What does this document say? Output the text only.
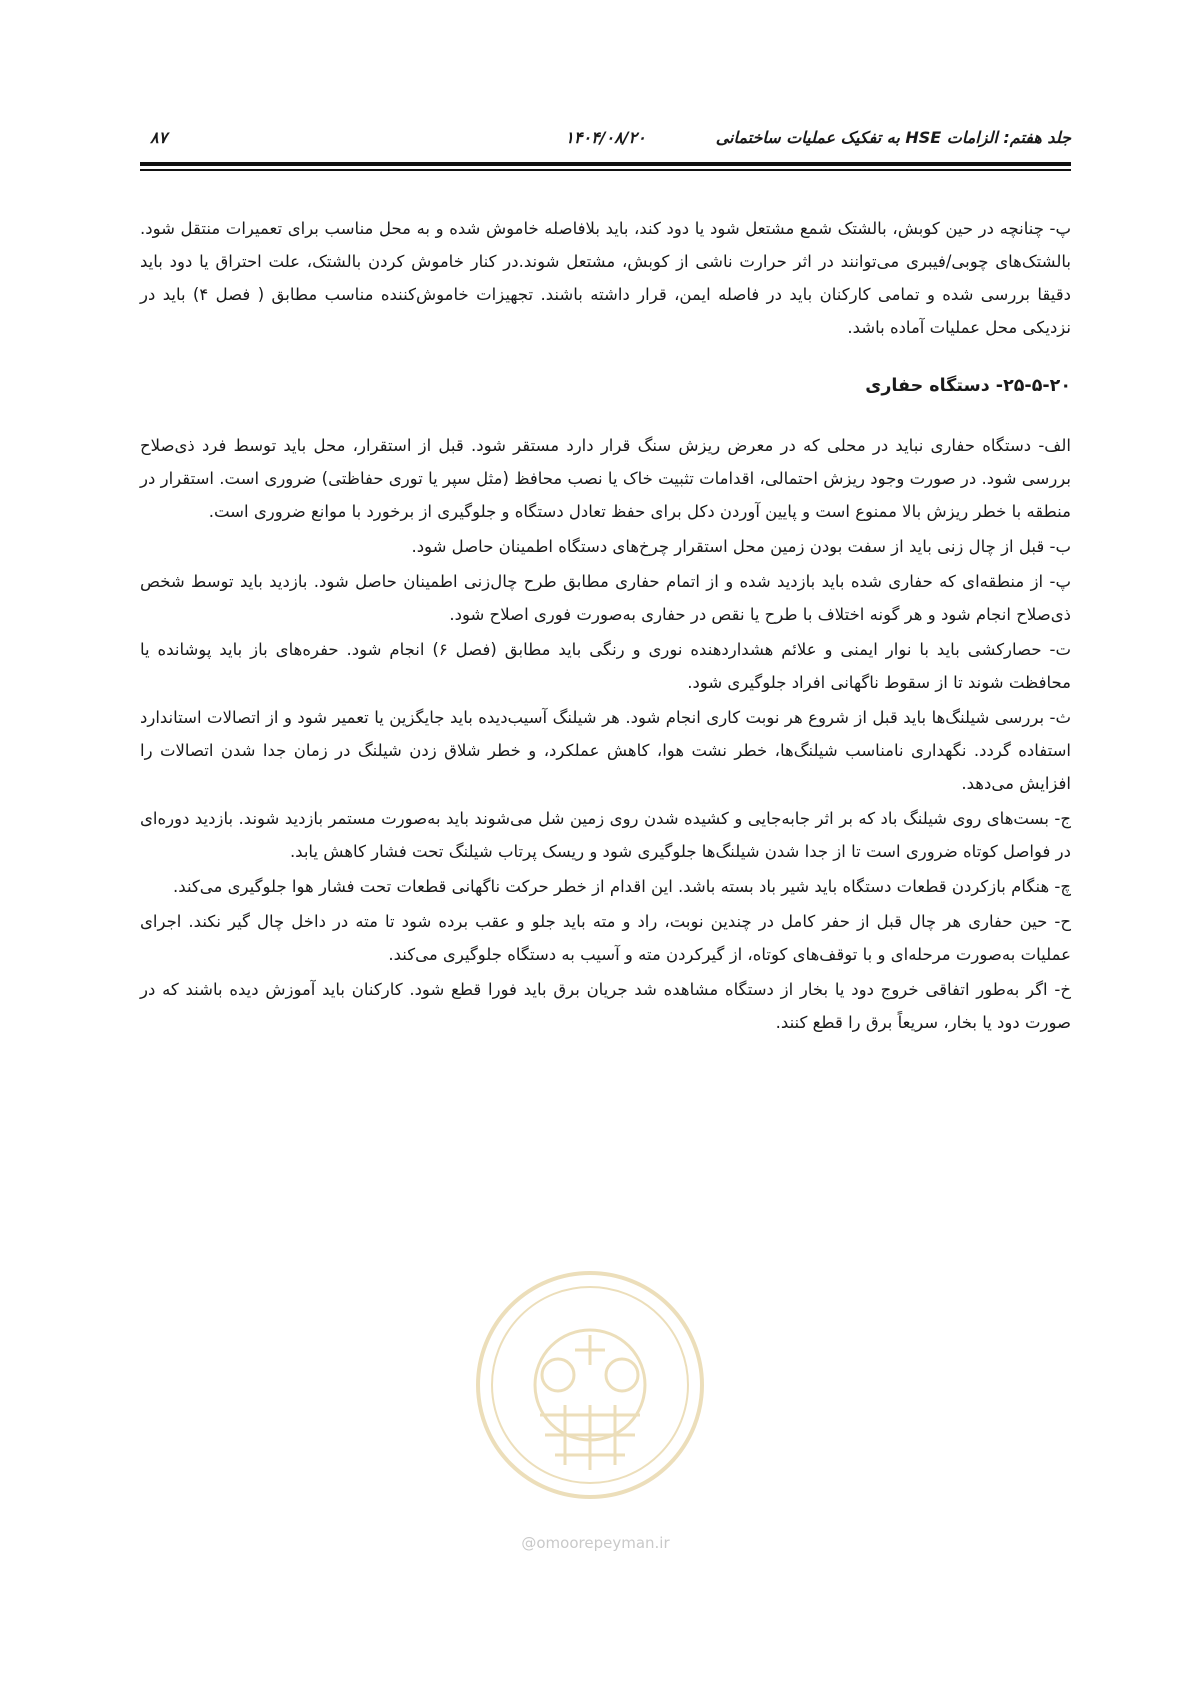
جلد هفتم: الزامات HSE به تفکیک عملیات ساختمانی
۱۴۰۴/۰۸/۲۰
۸۷

پ- چنانچه در حین کوبش، بالشتک شمع مشتعل شود یا دود کند، باید بلافاصله خاموش شده و به محل مناسب برای تعمیرات منتقل شود. بالشتک‌های چوبی/فیبری می‌توانند در اثر حرارت ناشی از کوبش، مشتعل شوند.در کنار خاموش کردن بالشتک، علت احتراق یا دود باید دقیقا بررسی شده و تمامی کارکنان باید در فاصله ایمن، قرار داشته باشند. تجهیزات خاموش‌کننده مناسب مطابق ( فصل ۴) باید در نزدیکی محل عملیات آماده باشد.

۲۵-۵-۲۰- دستگاه حفاری

الف- دستگاه حفاری نباید در محلی که در معرض ریزش سنگ قرار دارد مستقر شود. قبل از استقرار، محل باید توسط فرد ذی‌صلاح بررسی شود. در صورت وجود ریزش احتمالی، اقدامات تثبیت خاک یا نصب محافظ (مثل سپر یا توری حفاظتی) ضروری است. استقرار در منطقه با خطر ریزش بالا ممنوع است و پایین آوردن دکل برای حفظ تعادل دستگاه و جلوگیری از برخورد با موانع ضروری است.

ب- قبل از چال زنی باید از سفت بودن زمین محل استقرار چرخ‌های دستگاه اطمینان حاصل شود.

پ- از منطقه‌ای که حفاری شده باید بازدید شده و از اتمام حفاری مطابق طرح چال‌زنی اطمینان حاصل شود. بازدید باید توسط شخص ذی‌صلاح انجام شود و هر گونه اختلاف با طرح یا نقص در حفاری به‌صورت فوری اصلاح شود.

ت- حصارکشی باید با نوار ایمنی و علائم هشداردهنده نوری و رنگی باید مطابق (فصل ۶) انجام شود. حفره‌های باز باید پوشانده یا محافظت شوند تا از سقوط ناگهانی افراد جلوگیری شود.

ث- بررسی شیلنگ‌ها باید قبل از شروع هر نوبت کاری انجام شود. هر شیلنگ آسیب‌دیده باید جایگزین یا تعمیر شود و از اتصالات استاندارد استفاده گردد. نگهداری نامناسب شیلنگ‌ها، خطر نشت هوا، کاهش عملکرد، و خطر شلاق زدن شیلنگ در زمان جدا شدن اتصالات را افزایش می‌دهد.

ج- بست‌های روی شیلنگ باد که بر اثر جابه‌جایی و کشیده شدن روی زمین شل می‌شوند باید به‌صورت مستمر بازدید شوند. بازدید دوره‌ای در فواصل کوتاه ضروری است تا از جدا شدن شیلنگ‌ها جلوگیری شود و ریسک پرتاب شیلنگ تحت فشار کاهش یابد.

چ- هنگام بازکردن قطعات دستگاه باید شیر باد بسته باشد. این اقدام از خطر حرکت ناگهانی قطعات تحت فشار هوا جلوگیری می‌کند.

ح- حین حفاری هر چال قبل از حفر کامل در چندین نوبت، راد و مته باید جلو و عقب برده شود تا مته در داخل چال گیر نکند. اجرای عملیات به‌صورت مرحله‌ای و با توقف‌های کوتاه، از گیرکردن مته و آسیب به دستگاه جلوگیری می‌کند.

خ- اگر به‌طور اتفاقی خروج دود یا بخار از دستگاه مشاهده شد جریان برق باید فورا قطع شود. کارکنان باید آموزش دیده باشند که در صورت دود یا بخار، سریعاً برق را قطع کنند.

@omoorepeyman.ir
